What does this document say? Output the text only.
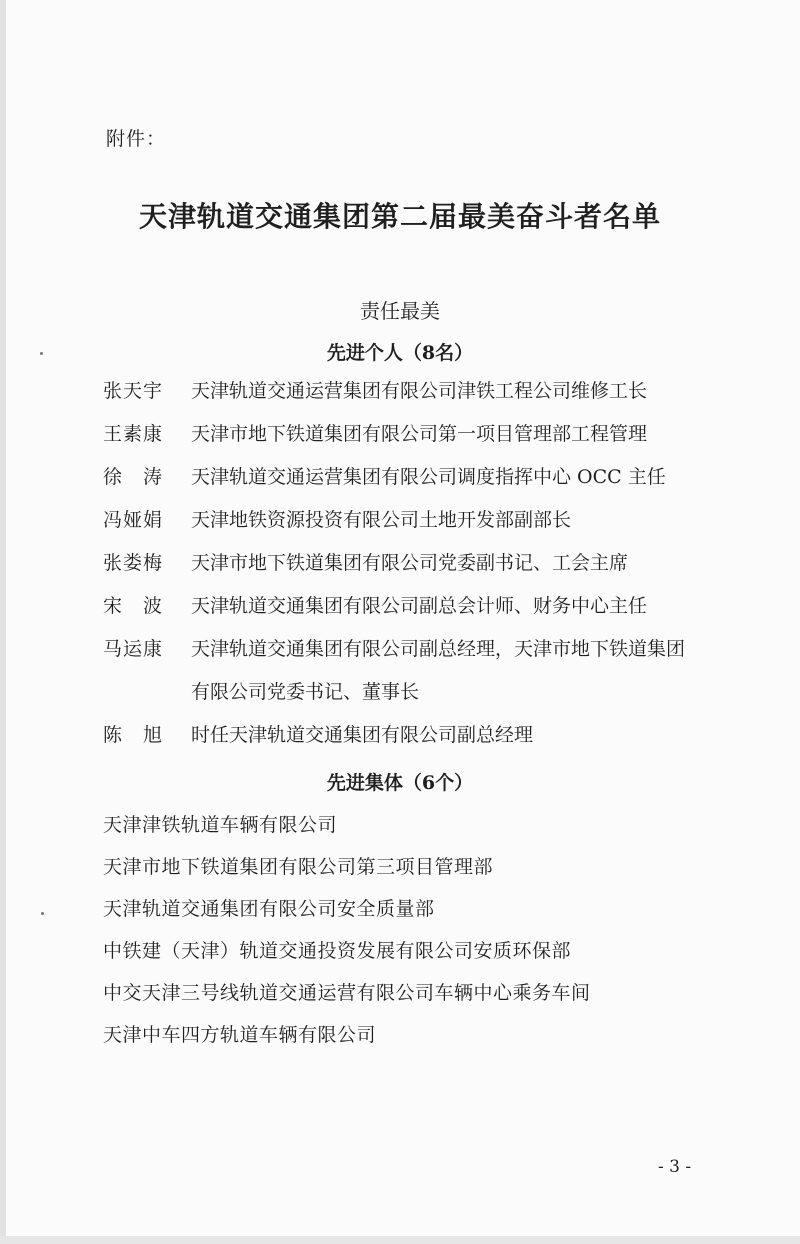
附件：
天津轨道交通集团第二届最美奋斗者名单
责任最美
先进个人（8名）
张天宇 天津轨道交通运营集团有限公司津铁工程公司维修工长
王素康 天津市地下铁道集团有限公司第一项目管理部工程管理
徐　涛 天津轨道交通运营集团有限公司调度指挥中心 OCC 主任
冯娅娟 天津地铁资源投资有限公司土地开发部副部长
张娄梅 天津市地下铁道集团有限公司党委副书记、工会主席
宋　波 天津轨道交通集团有限公司副总会计师、财务中心主任
马运康 天津轨道交通集团有限公司副总经理，天津市地下铁道集团有限公司党委书记、董事长
陈　旭 时任天津轨道交通集团有限公司副总经理
先进集体（6个）
天津津铁轨道车辆有限公司
天津市地下铁道集团有限公司第三项目管理部
天津轨道交通集团有限公司安全质量部
中铁建（天津）轨道交通投资发展有限公司安质环保部
中交天津三号线轨道交通运营有限公司车辆中心乘务车间
天津中车四方轨道车辆有限公司
- 3 -
